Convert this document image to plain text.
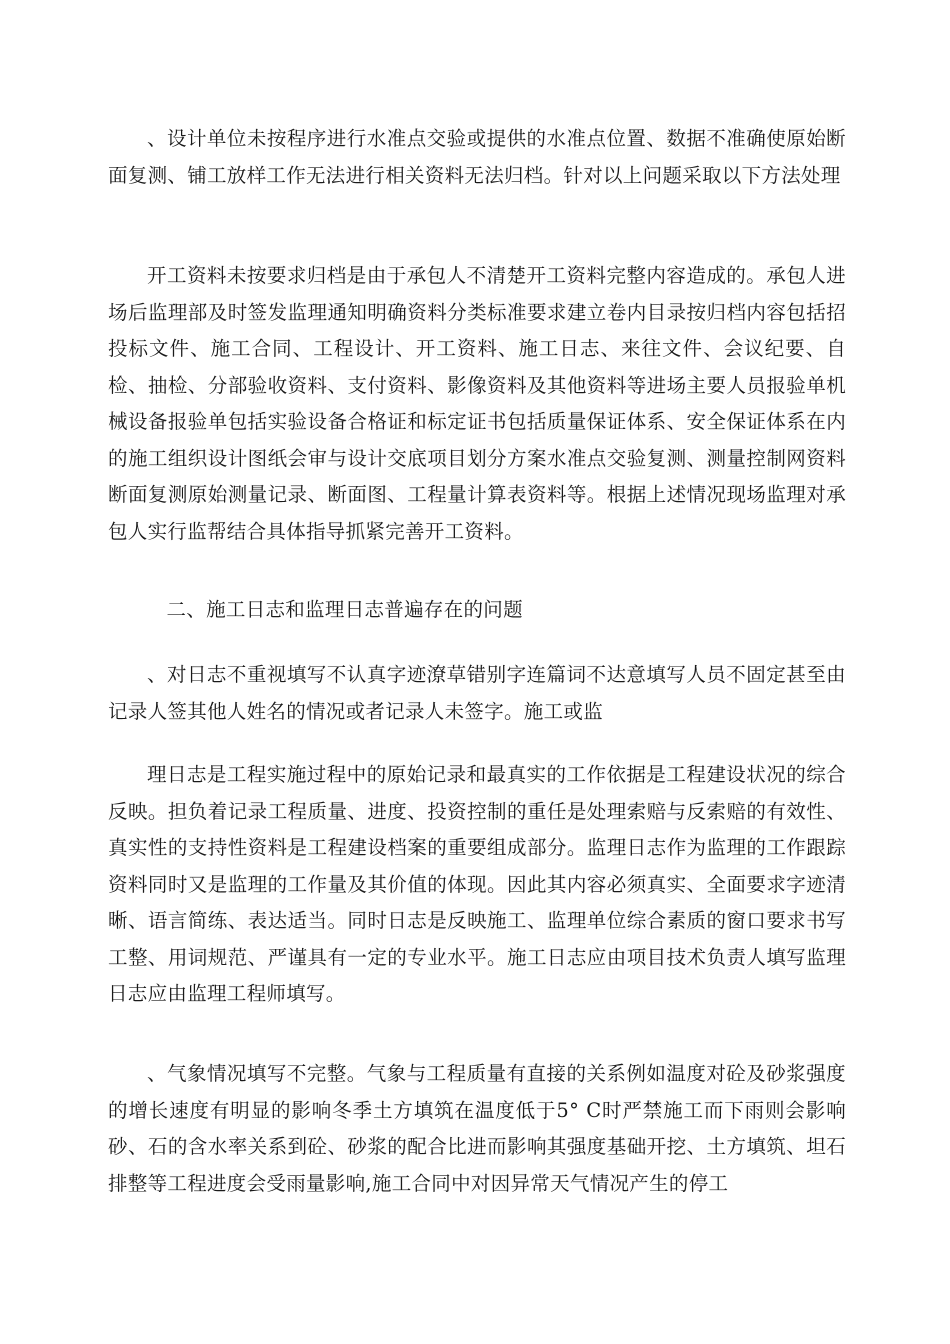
、设计单位未按程序进行水准点交验或提供的水准点位置、数据不准确使原始断面复测、铺工放样工作无法进行相关资料无法归档。针对以上问题采取以下方法处理

开工资料未按要求归档是由于承包人不清楚开工资料完整内容造成的。承包人进场后监理部及时签发监理通知明确资料分类标准要求建立卷内目录按归档内容包括招投标文件、施工合同、工程设计、开工资料、施工日志、来往文件、会议纪要、自检、抽检、分部验收资料、支付资料、影像资料及其他资料等进场主要人员报验单机械设备报验单包括实验设备合格证和标定证书包括质量保证体系、安全保证体系在内的施工组织设计图纸会审与设计交底项目划分方案水准点交验复测、测量控制网资料断面复测原始测量记录、断面图、工程量计算表资料等。根据上述情况现场监理对承包人实行监帮结合具体指导抓紧完善开工资料。

二、施工日志和监理日志普遍存在的问题

、对日志不重视填写不认真字迹潦草错别字连篇词不达意填写人员不固定甚至由记录人签其他人姓名的情况或者记录人未签字。施工或监

理日志是工程实施过程中的原始记录和最真实的工作依据是工程建设状况的综合反映。担负着记录工程质量、进度、投资控制的重任是处理索赔与反索赔的有效性、真实性的支持性资料是工程建设档案的重要组成部分。监理日志作为监理的工作跟踪资料同时又是监理的工作量及其价值的体现。因此其内容必须真实、全面要求字迹清晰、语言简练、表达适当。同时日志是反映施工、监理单位综合素质的窗口要求书写工整、用词规范、严谨具有一定的专业水平。施工日志应由项目技术负责人填写监理日志应由监理工程师填写。

、气象情况填写不完整。气象与工程质量有直接的关系例如温度对砼及砂浆强度的增长速度有明显的影响冬季土方填筑在温度低于5° C时严禁施工而下雨则会影响砂、石的含水率关系到砼、砂浆的配合比进而影响其强度基础开挖、土方填筑、坦石排整等工程进度会受雨量影响,施工合同中对因异常天气情况产生的停工
